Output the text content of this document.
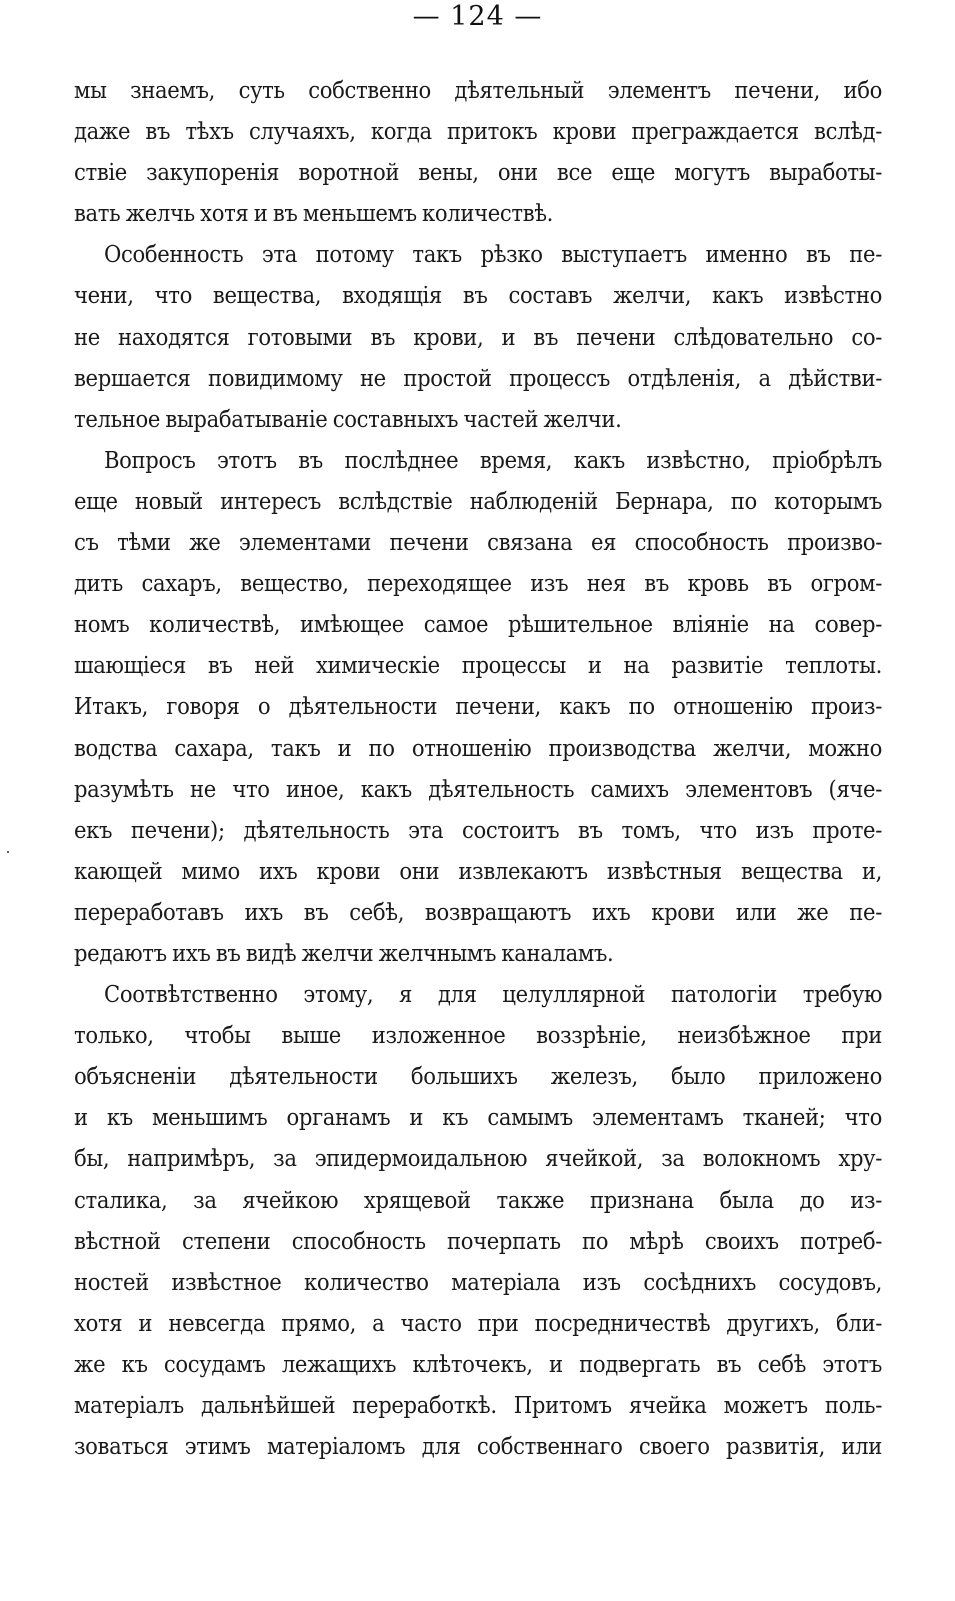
— 124 —
мы знаемъ, суть собственно дѣятельный элементъ печени, ибо
даже въ тѣхъ случаяхъ, когда притокъ крови преграждается вслѣд-
ствіе закупоренія воротной вены, они все еще могутъ выработы-
вать желчь хотя и въ меньшемъ количествѣ.
Особенность эта потому такъ рѣзко выступаетъ именно въ пе-
чени, что вещества, входящія въ составъ желчи, какъ извѣстно
не находятся готовыми въ крови, и въ печени слѣдовательно со-
вершается повидимому не простой процессъ отдѣленія, а дѣйстви-
тельное вырабатываніе составныхъ частей желчи.
Вопросъ этотъ въ послѣднее время, какъ извѣстно, пріобрѣлъ
еще новый интересъ вслѣдствіе наблюденій Бернара, по которымъ
съ тѣми же элементами печени связана ея способность произво-
дить сахаръ, вещество, переходящее изъ нея въ кровь въ огром-
номъ количествѣ, имѣющее самое рѣшительное вліяніе на совер-
шающіеся въ ней химическіе процессы и на развитіе теплоты.
Итакъ, говоря о дѣятельности печени, какъ по отношенію произ-
водства сахара, такъ и по отношенію производства желчи, можно
разумѣть не что иное, какъ дѣятельность самихъ элементовъ (яче-
екъ печени); дѣятельность эта состоитъ въ томъ, что изъ проте-
кающей мимо ихъ крови они извлекаютъ извѣстныя вещества и,
переработавъ ихъ въ себѣ, возвращаютъ ихъ крови или же пе-
редаютъ ихъ въ видѣ желчи желчнымъ каналамъ.
Соотвѣтственно этому, я для целуллярной патологіи требую
только, чтобы выше изложенное воззрѣніе, неизбѣжное при
объясненіи дѣятельности большихъ железъ, было приложено
и къ меньшимъ органамъ и къ самымъ элементамъ тканей; что
бы, напримѣръ, за эпидермоидальною ячейкой, за волокномъ хру-
сталика, за ячейкою хрящевой также признана была до из-
вѣстной степени способность почерпать по мѣрѣ своихъ потреб-
ностей извѣстное количество матеріала изъ сосѣднихъ сосудовъ,
хотя и невсегда прямо, а часто при посредничествѣ другихъ, бли-
же къ сосудамъ лежащихъ клѣточекъ, и подвергать въ себѣ этотъ
матеріалъ дальнѣйшей переработкѣ. Притомъ ячейка можетъ поль-
зоваться этимъ матеріаломъ для собственнаго своего развитія, или
